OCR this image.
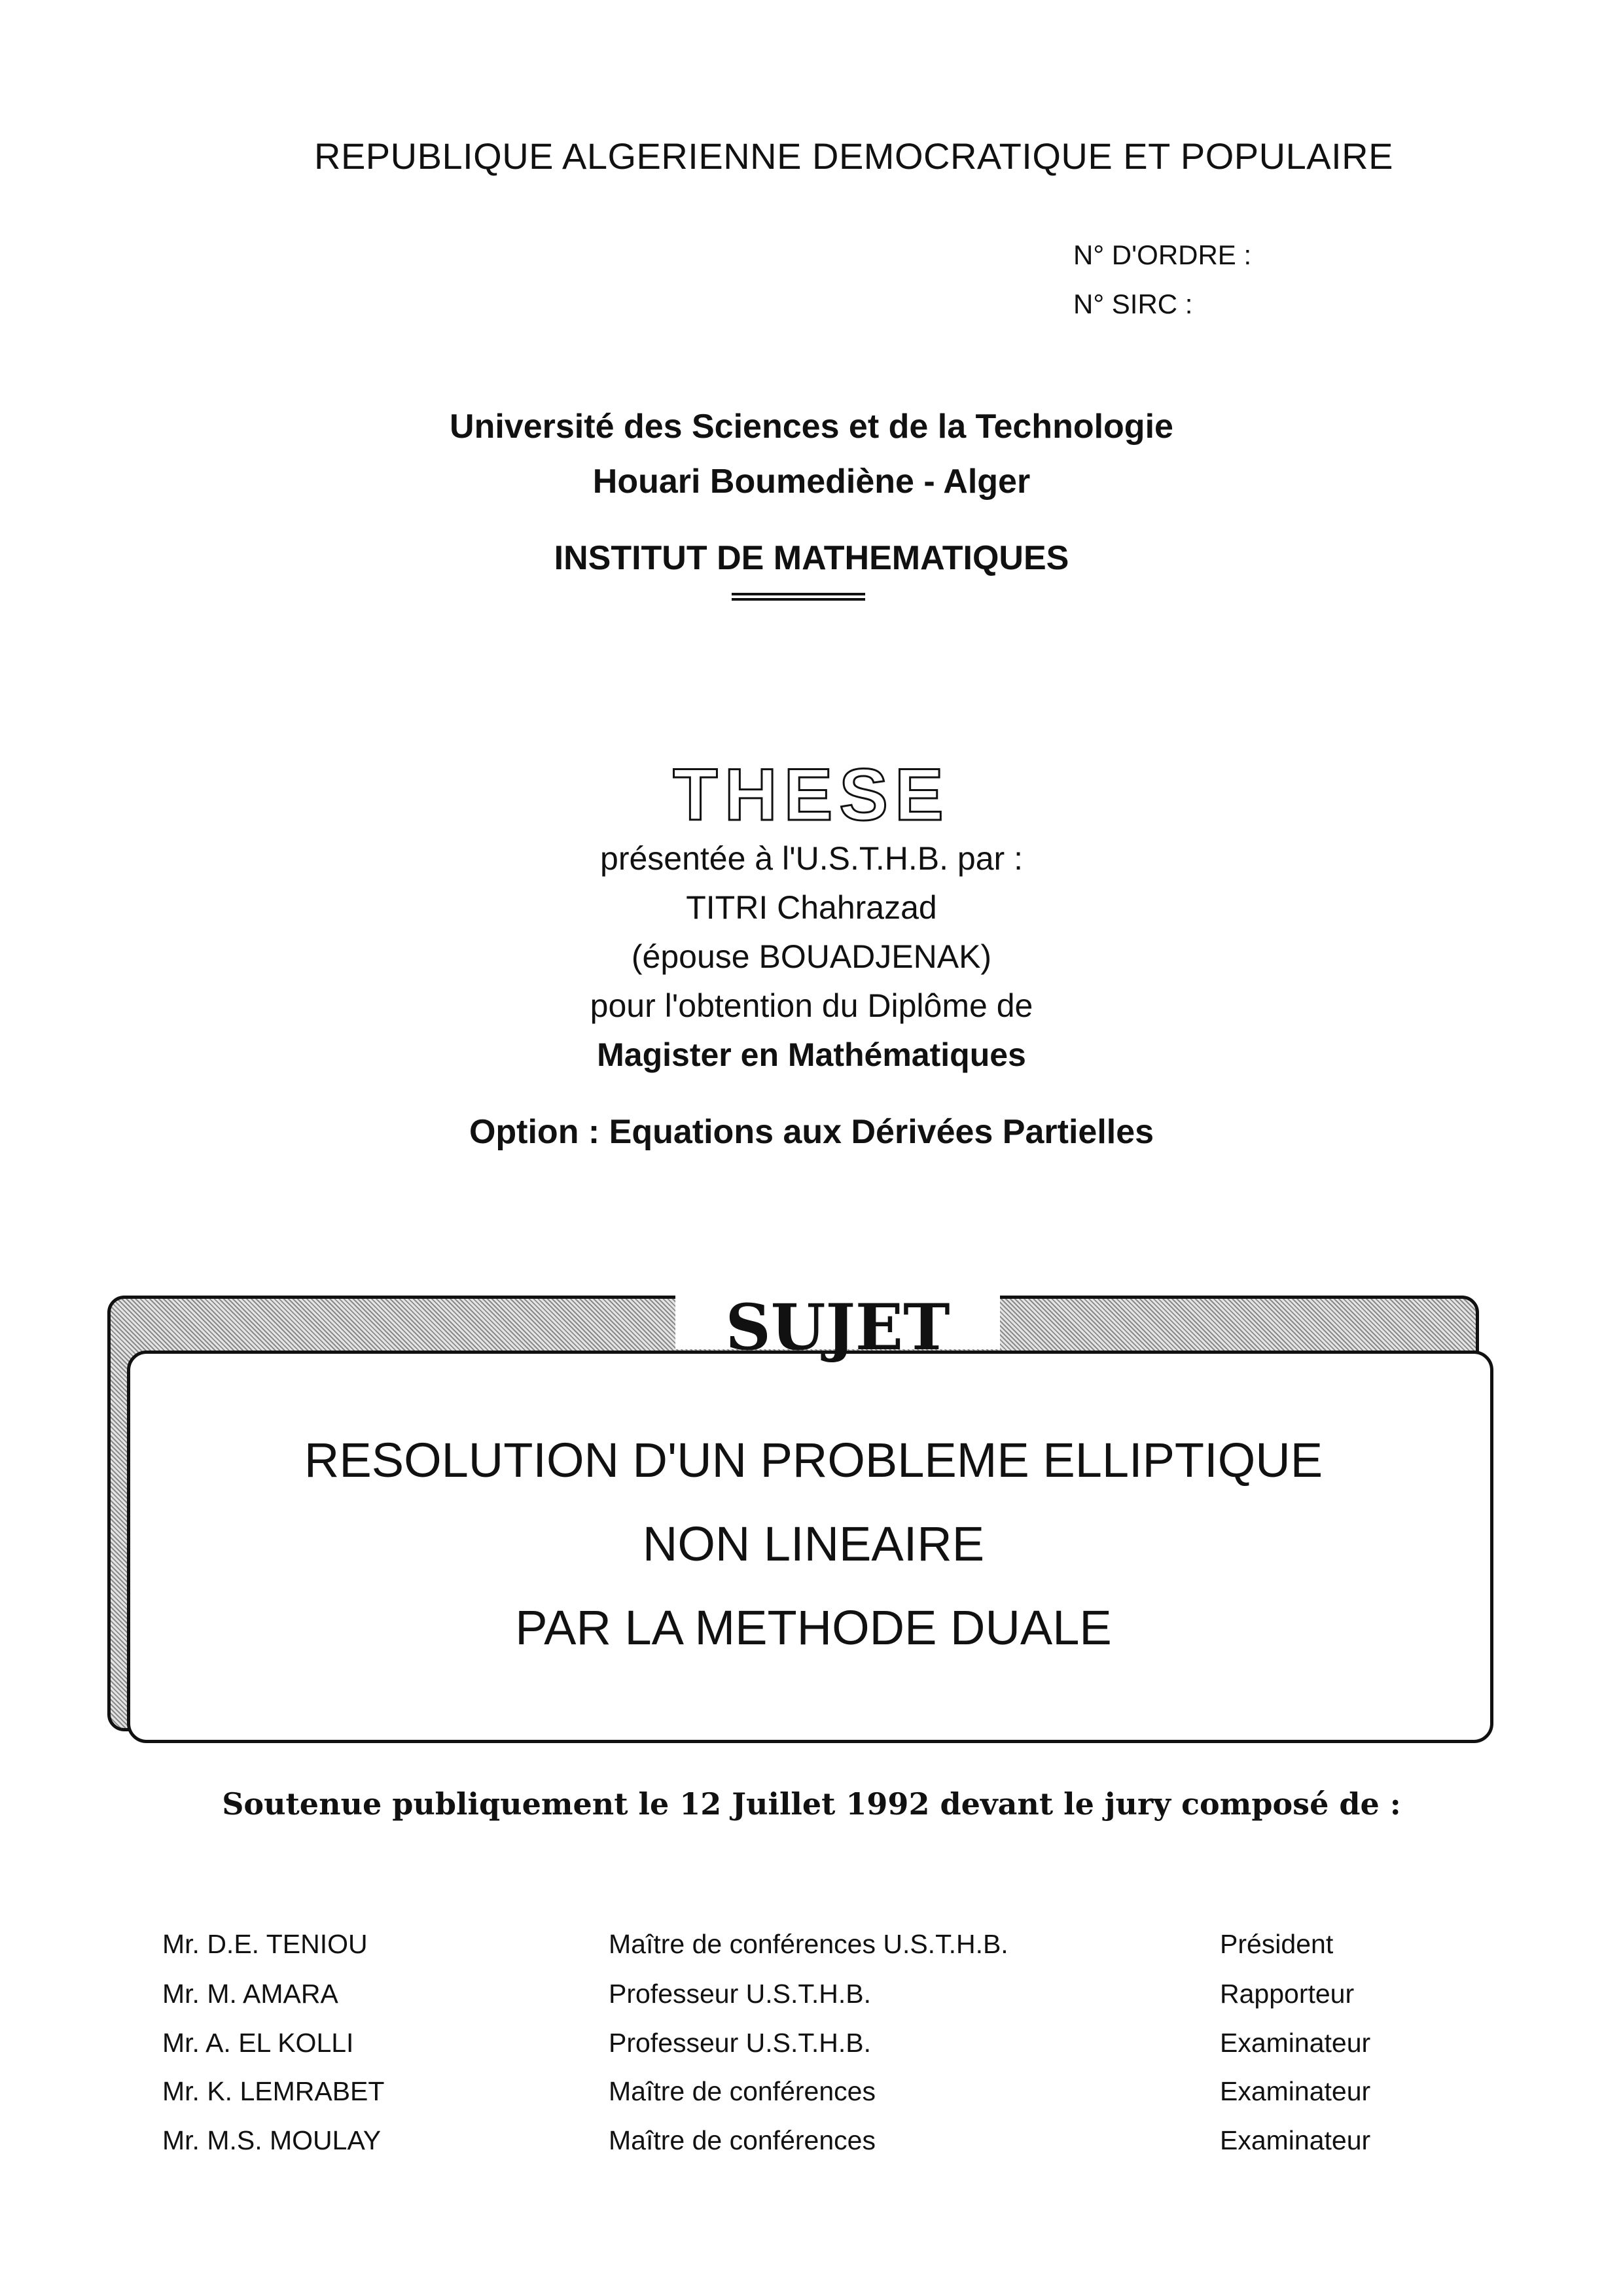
REPUBLIQUE ALGERIENNE DEMOCRATIQUE ET POPULAIRE
N° D'ORDRE :
N° SIRC :
Université des Sciences et de la Technologie
Houari Boumediène - Alger
INSTITUT DE MATHEMATIQUES
THESE
présentée à l'U.S.T.H.B. par :
TITRI Chahrazad
(épouse BOUADJENAK)
pour l'obtention du Diplôme de
Magister en Mathématiques
Option : Equations aux Dérivées Partielles
RESOLUTION D'UN PROBLEME ELLIPTIQUE
NON LINEAIRE
PAR LA METHODE DUALE
SUJET
Soutenue publiquement le 12 Juillet 1992 devant le jury composé de :
Mr. D.E. TENIOU	Maître de conférences U.S.T.H.B.	Président
Mr. M. AMARA	Professeur U.S.T.H.B.	Rapporteur
Mr. A. EL KOLLI	Professeur U.S.T.H.B.	Examinateur
Mr. K. LEMRABET	Maître de conférences	Examinateur
Mr. M.S. MOULAY	Maître de conférences	Examinateur
